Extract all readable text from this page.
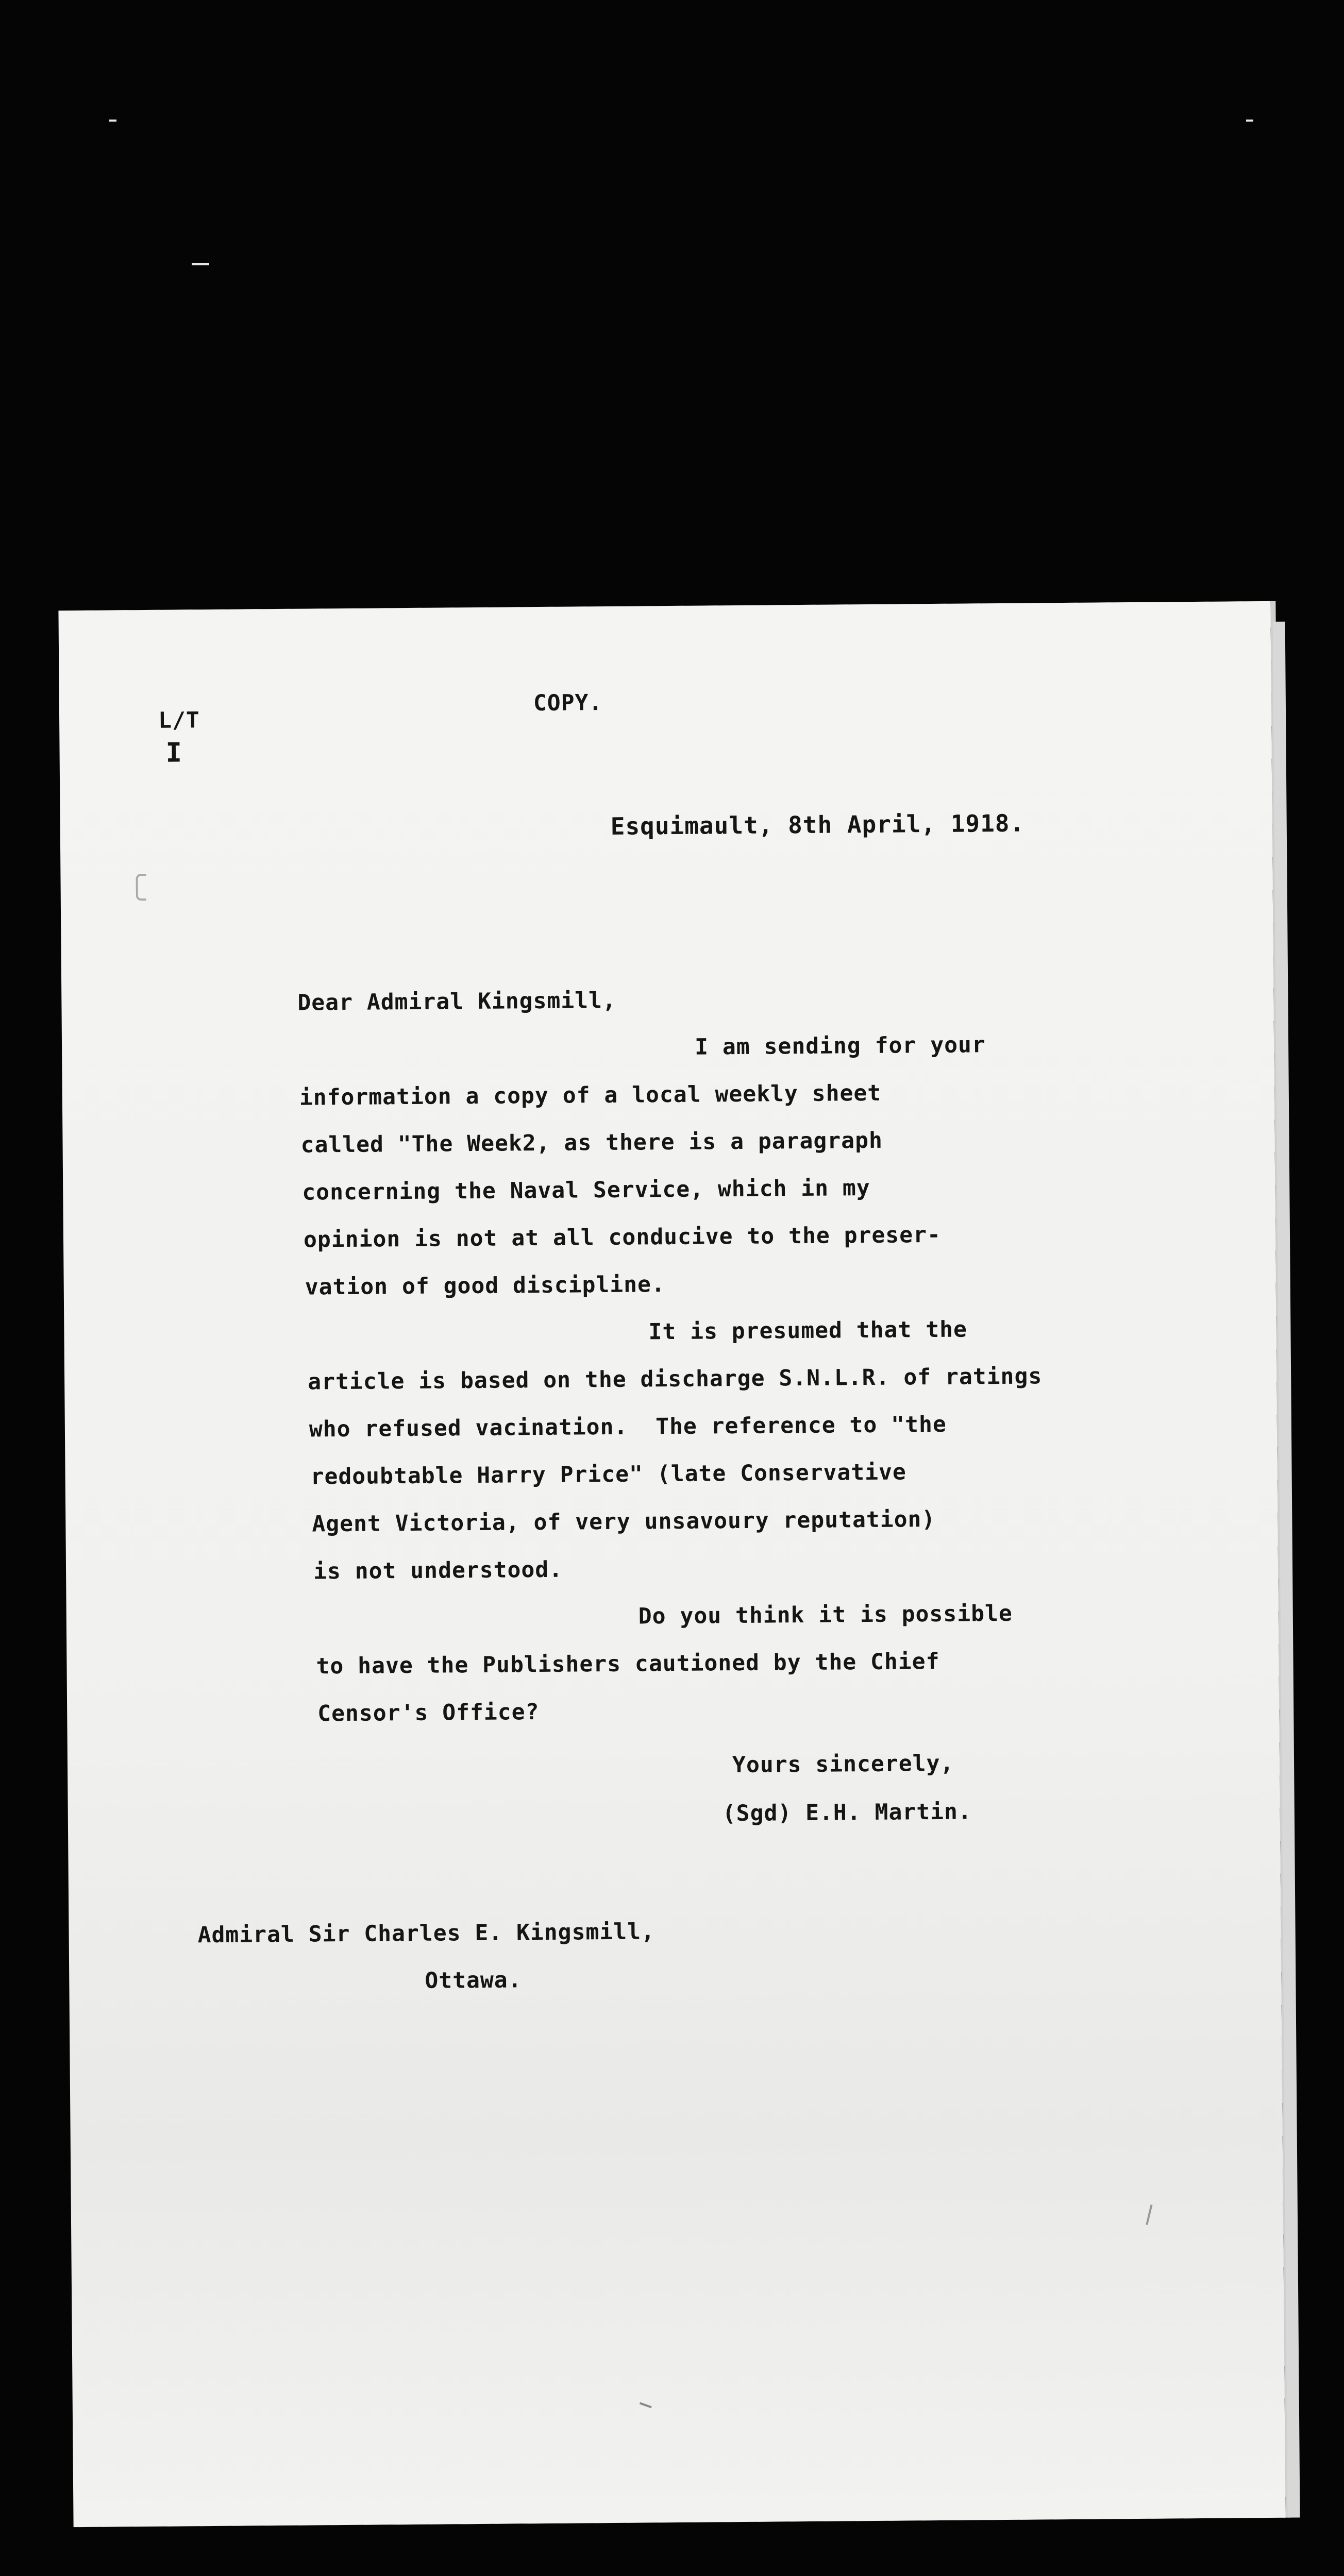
L/T
I
COPY.
Esquimault, 8th April, 1918.
Dear Admiral Kingsmill,
I am sending for your
information a copy of a local weekly sheet
called "The Week2, as there is a paragraph
concerning the Naval Service, which in my
opinion is not at all conducive to the preser-
vation of good discipline.
It is presumed that the
article is based on the discharge S.N.L.R. of ratings
who refused vacination.  The reference to "the
redoubtable Harry Price" (late Conservative
Agent Victoria, of very unsavoury reputation)
is not understood.
Do you think it is possible
to have the Publishers cautioned by the Chief
Censor's Office?
Yours sincerely,
(Sgd) E.H. Martin.
Admiral Sir Charles E. Kingsmill,
Ottawa.
